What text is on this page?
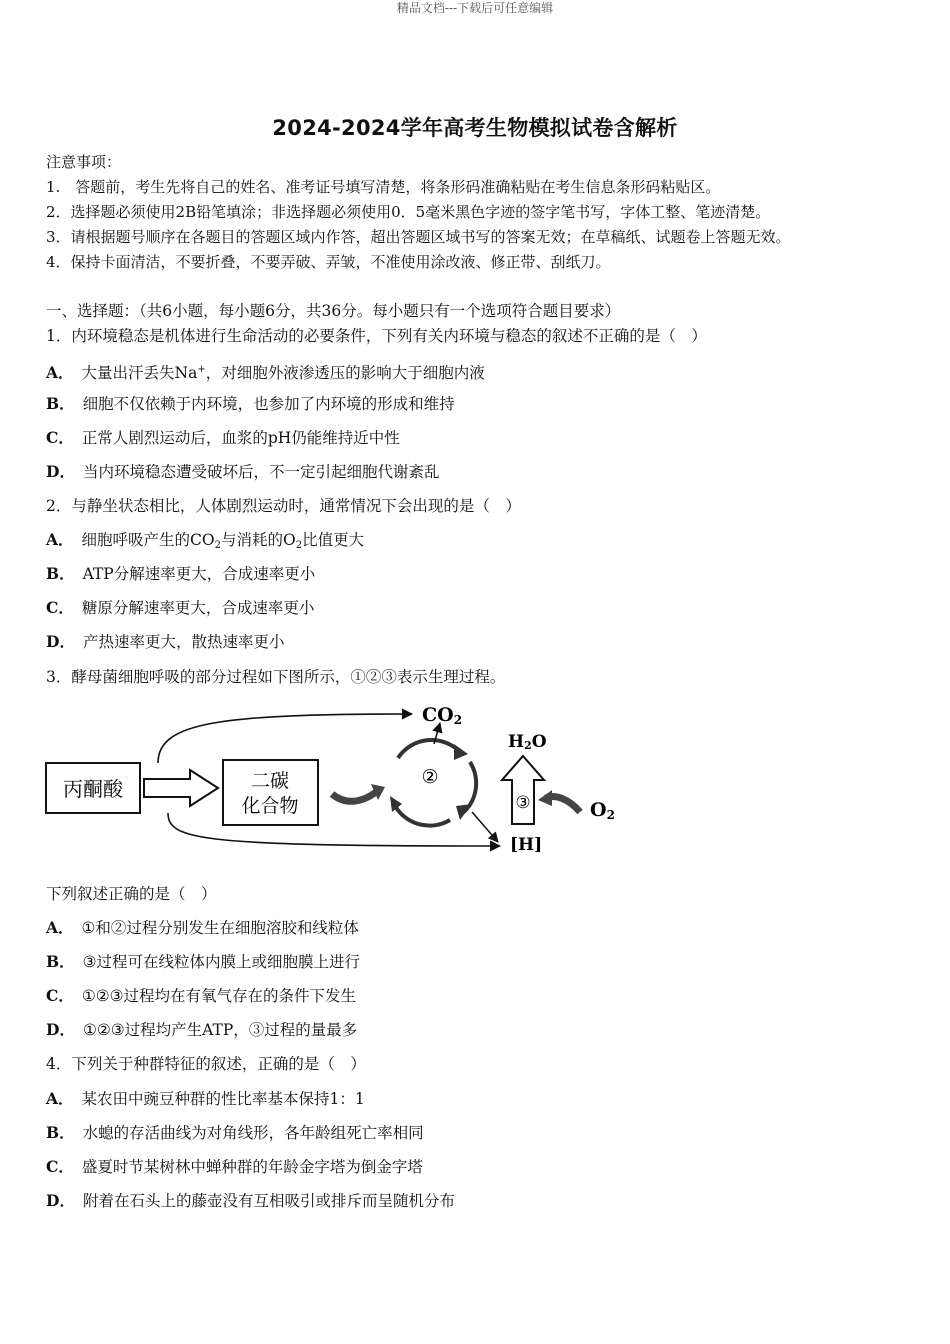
精品文档---下载后可任意编辑
2024-2024学年高考生物模拟试卷含解析
注意事项：
1.　答题前，考生先将自己的姓名、准考证号填写清楚，将条形码准确粘贴在考生信息条形码粘贴区。
2．选择题必须使用2B铅笔填涂；非选择题必须使用0．5毫米黑色字迹的签字笔书写，字体工整、笔迹清楚。
3．请根据题号顺序在各题目的答题区域内作答，超出答题区域书写的答案无效；在草稿纸、试题卷上答题无效。
4．保持卡面清洁，不要折叠，不要弄破、弄皱，不准使用涂改液、修正带、刮纸刀。
一、选择题：（共6小题，每小题6分，共36分。每小题只有一个选项符合题目要求）
1．内环境稳态是机体进行生命活动的必要条件，下列有关内环境与稳态的叙述不正确的是（　）
A． 大量出汗丢失Na+，对细胞外液渗透压的影响大于细胞内液
B． 细胞不仅依赖于内环境，也参加了内环境的形成和维持
C． 正常人剧烈运动后，血浆的pH仍能维持近中性
D． 当内环境稳态遭受破坏后，不一定引起细胞代谢紊乱
2．与静坐状态相比，人体剧烈运动时，通常情况下会出现的是（　）
A． 细胞呼吸产生的$CO_2$与消耗的$O_2$比值更大
B． ATP分解速率更大，合成速率更小
C． 糖原分解速率更大，合成速率更小
D． 产热速率更大，散热速率更小
3．酵母菌细胞呼吸的部分过程如下图所示，①②③表示生理过程。
丙酮酸	二碳
化合物
②
CO2
H2O
③	O2
[H]
下列叙述正确的是（　）
A． ①和②过程分别发生在细胞溶胶和线粒体
B． ③过程可在线粒体内膜上或细胞膜上进行
C． ①②③过程均在有氧气存在的条件下发生
D． ①②③过程均产生ATP，③过程的量最多
4．下列关于种群特征的叙述，正确的是（　）
A． 某农田中豌豆种群的性比率基本保持1：1
B． 水螅的存活曲线为对角线形，各年龄组死亡率相同
C． 盛夏时节某树林中蝉种群的年龄金字塔为倒金字塔
D． 附着在石头上的藤壶没有互相吸引或排斥而呈随机分布
